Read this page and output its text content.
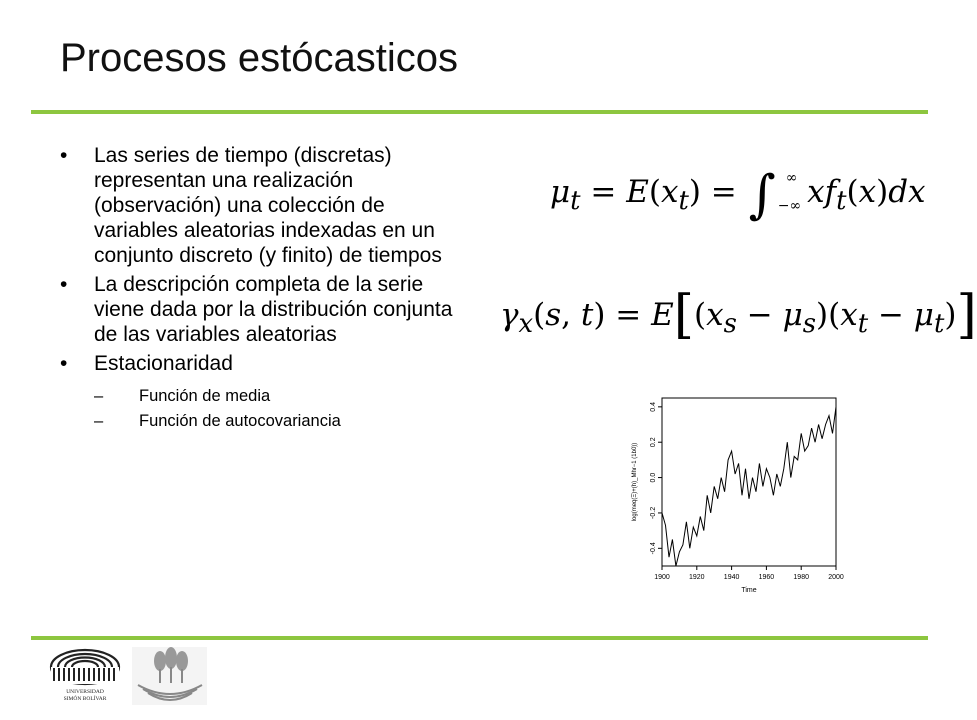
Procesos estócasticos
• Las series de tiempo (discretas) representan una realización (observación) una colección de variables aleatorias indexadas en un conjunto discreto (y finito) de tiempos
• La descripción completa de la serie viene dada por la distribución conjunta de las variables aleatorias
• Estacionaridad
– Función de media
– Función de autocovariancia
$\mu_t = E(x_t)$ = ∫ ∞
−∞ $xf_t(x)dx$
$\gamma_x(s$, $t) = E[(x_s - \mu_s)(x_t - \mu_t)]$
1900	1920	1940	1960	1980	2000
-0.4
-0.2
0.0
0.2
0.4
Time
log(meq(Ξ)+(h)_Mhr−1 (1b0))
UNIVERSIDAD
SIMÓN BOLÍVAR
